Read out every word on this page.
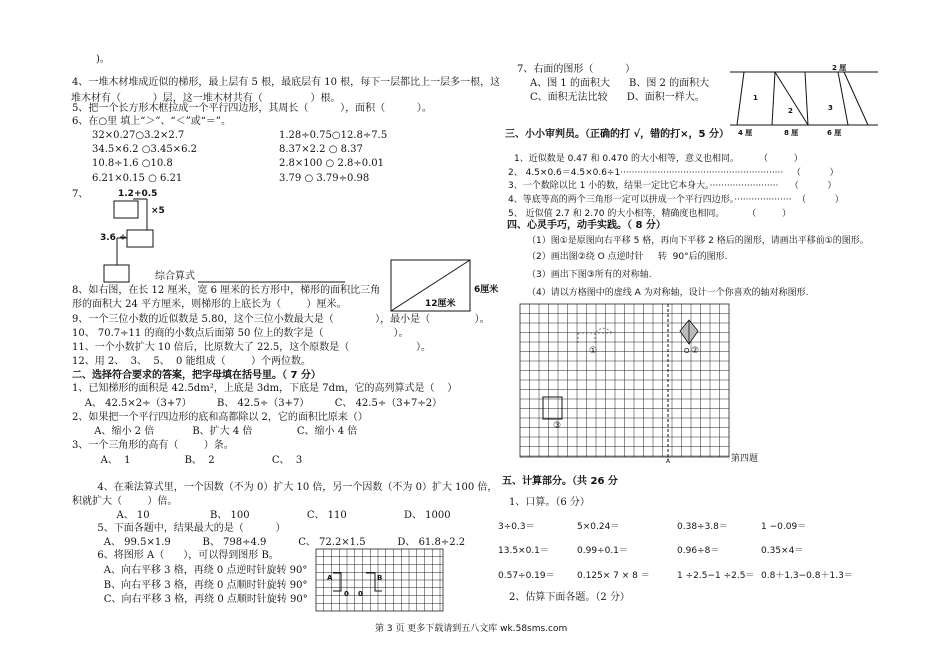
)。
4、一堆木材堆成近似的梯形，最上层有 5 根，最底层有 10 根，每下一层都比上一层多一根，这
堆木材有（          ）层，这一堆木材共有（               ）根。
5、把一个长方形木框拉成一个平行四边形，其周长（          ），面积（          ）。
6、在○里 填上“＞”、“＜”或“＝”。
32×0.27○3.2×2.7	1.28÷0.75○12.8÷7.5
34.5×6.2 ○3.45×6.2	8.37×2.2 ○ 8.37
10.8÷1.6 ○10.8	2.8×100 ○ 2.8÷0.01
6.21×0.15 ○ 6.21	3.79 ○ 3.79÷0.98
7、	1.2+0.5
×5
3.6 ÷
综合算式
8、如右图，在长 12 厘米，宽 6 厘米的长方形中，梯形的面积比三角
形的面积大 24 平方厘米，则梯形的上底长为（        ）厘米。	12厘米
6厘米
9、一个三位小数的近似数是 5.80，这个三位小数最大是（             ），最小是（              ）。
10、 70.7÷11 的商的小数点后面第 50 位上的数字是（                      ）。
11、一个小数扩大 10 倍后，比原数大了 22.5，这个原数是（                     ）。
12、用 2、  3、  5、  0 能组成（        ）个两位数。
二、选择符合要求的答案，把字母填在括号里。（ 7 分）
1、已知梯形的面积是 42.5dm²，上底是 3dm，下底是 7dm，它的高列算式是（    ）
A、 42.5×2÷（3+7）        B、 42.5÷（3+7）        C、 42.5÷（3+7÷2）
2、如果把一个平行四边形的底和高都除以 2，它的面积比原来（）
A、缩小 2 倍            B、扩大 4 倍              C、缩小 4 倍
3、一个三角形的高有（        ）条。
A、  1                 B、  2                  C、  3
4、在乘法算式里，一个因数（不为 0）扩大 10 倍，另一个因数（不为 0）扩大 100 倍，
积就扩大（        ）倍。
A、 10                   B、 100                  C、 110                  D、 1000
5、下面各题中，结果最大的是（          ）
A、 99.5×1.9          B、 798÷4.9          C、 72.2×1.5          D、 61.8÷2.2
6、将图形 A（      ），可以得到图形 B。
A、向右平移 3 格，再绕 0 点逆时针旋转 90°
B、向右平移 3 格，再绕 0 点顺时针旋转 90°
C、向右平移 3 格，再绕 0 点顺时针旋转 90°
A	B
0 0
7、右面的图形（          ）
A、图 1 的面积大      B、图 2 的面积大
C、面积无法比较      D、面积一样大。
2 厘
4 厘	8 厘	6 厘
1
2	3
三、小小审判员。（正确的打 √，错的打×，5 分）
1、近似数是 0.47 和 0.470 的大小相等，意义也相同。       （         ）
2、 4.5×0.6＝4.5×0.6÷1·························································   （          ）
3、一个数除以比 1 小的数，结果一定比它本身大。························    （          ）
4、等底等高的两个三角形一定可以拼成一个平行四边形。····················  （          ）
5、 近似值 2.7 和 2.70 的大小相等，精确度也相同。        （         ）
四、心灵手巧，动手实践。（ 8 分）
（1）图①是原图向右平移 5 格，再向下平移 2 格后的图形，请画出平移前①的图形。
（2）画出图②绕 O 点逆时针     转  90°后的图形.
（3）画出下图③所有的对称轴.
（4）请以方格图中的虚线 A 为对称轴，设计一个你喜欢的轴对称图形.
①	②
③
O
A	第四题
五、计算部分。（共 26 分
1、口算。（6 分）
3÷0.3＝	5×0.24＝	0.38÷3.8＝	1 −0.09＝
13.5×0.1＝	0.99÷0.1＝	0.96÷8＝	0.35×4＝
0.57÷0.19＝ 0.125× 7 × 8 ＝	1 ÷2.5−1 ÷2.5＝ 0.8＋1.3−0.8＋1.3＝
2、估算下面各题。（2 分）
第 3 页 更多下载请到五八文库 wk.58sms.com
